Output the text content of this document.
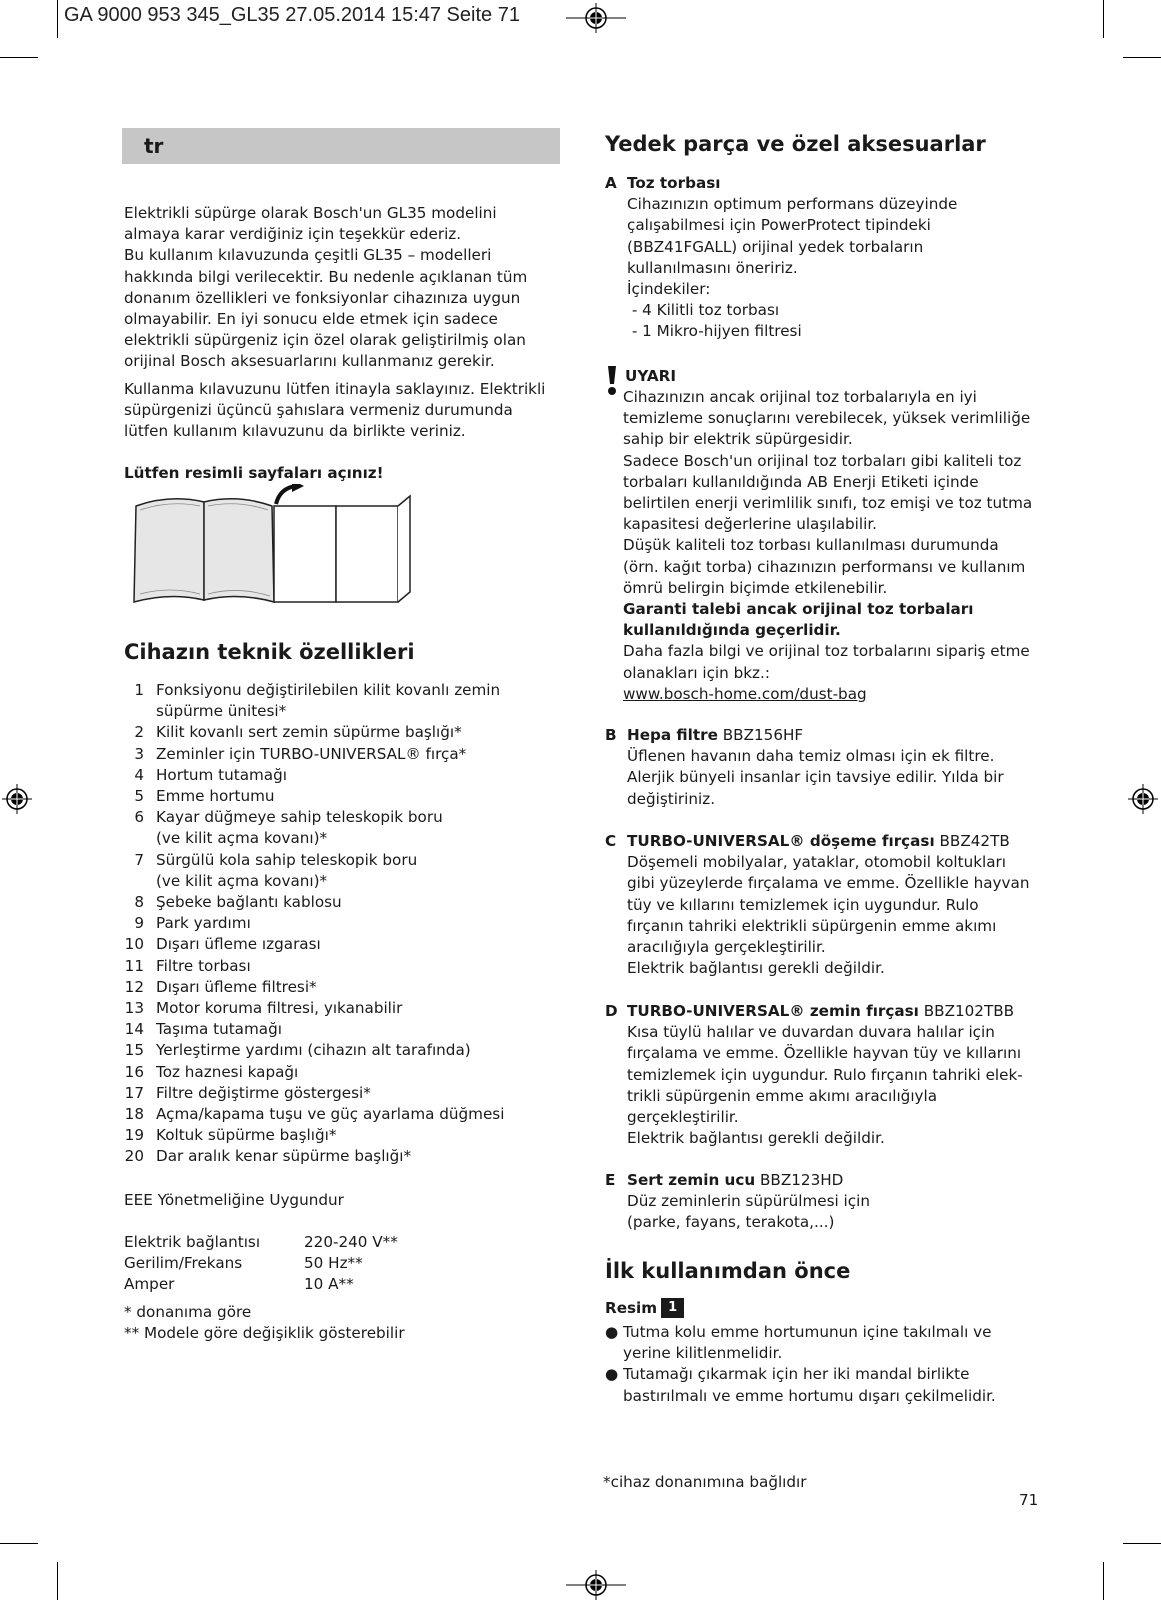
GA 9000 953 345_GL35 27.05.2014 15:47 Seite 71
tr
Elektrikli süpürge olarak Bosch'un GL35 modelini
almaya karar verdiğiniz için teşekkür ederiz.
Bu kullanım kılavuzunda çeşitli GL35 – modelleri
hakkında bilgi verilecektir. Bu nedenle açıklanan tüm
donanım özellikleri ve fonksiyonlar cihazınıza uygun
olmayabilir. En iyi sonucu elde etmek için sadece
elektrikli süpürgeniz için özel olarak geliştirilmiş olan
orijinal Bosch aksesuarlarını kullanmanız gerekir.
Kullanma kılavuzunu lütfen itinayla saklayınız. Elektrikli
süpürgenizi üçüncü şahıslara vermeniz durumunda
lütfen kullanım kılavuzunu da birlikte veriniz.
Lütfen resimli sayfaları açınız!
Cihazın teknik özellikleri
1 Fonksiyonu değiştirilebilen kilit kovanlı zemin
süpürme ünitesi*
2 Kilit kovanlı sert zemin süpürme başlığı*
3 Zeminler için TURBO-UNIVERSAL® fırça*
4 Hortum tutamağı
5 Emme hortumu
6 Kayar düğmeye sahip teleskopik boru
(ve kilit açma kovanı)*
7 Sürgülü kola sahip teleskopik boru
(ve kilit açma kovanı)*
8 Şebeke bağlantı kablosu
9 Park yardımı
10 Dışarı üfleme ızgarası
11 Filtre torbası
12 Dışarı üfleme filtresi*
13 Motor koruma filtresi, yıkanabilir
14 Taşıma tutamağı
15 Yerleştirme yardımı (cihazın alt tarafında)
16 Toz haznesi kapağı
17 Filtre değiştirme göstergesi*
18 Açma/kapama tuşu ve güç ayarlama düğmesi
19 Koltuk süpürme başlığı*
20 Dar aralık kenar süpürme başlığı*
EEE Yönetmeliğine Uygundur
Elektrik bağlantısı	220-240 V**
Gerilim/Frekans	50 Hz**
Amper	10 A**
* donanıma göre
** Modele göre değişiklik gösterebilir
Yedek parça ve özel aksesuarlar
A Toz torbası
Cihazınızın optimum performans düzeyinde
çalışabilmesi için PowerProtect tipindeki
(BBZ41FGALL) orijinal yedek torbaların
kullanılmasını öneririz.
İçindekiler:
- 4 Kilitli toz torbası
- 1 Mikro-hijyen filtresi
UYARI
Cihazınızın ancak orijinal toz torbalarıyla en iyi
temizleme sonuçlarını verebilecek, yüksek verimliliğe
sahip bir elektrik süpürgesidir.
Sadece Bosch'un orijinal toz torbaları gibi kaliteli toz
torbaları kullanıldığında AB Enerji Etiketi içinde
belirtilen enerji verimlilik sınıfı, toz emişi ve toz tutma
kapasitesi değerlerine ulaşılabilir.
Düşük kaliteli toz torbası kullanılması durumunda
(örn. kağıt torba) cihazınızın performansı ve kullanım
ömrü belirgin biçimde etkilenebilir.
Garanti talebi ancak orijinal toz torbaları
kullanıldığında geçerlidir.
Daha fazla bilgi ve orijinal toz torbalarını sipariş etme
olanakları için bkz.:
www.bosch-home.com/dust-bag
B Hepa filtre BBZ156HF
Üflenen havanın daha temiz olması için ek filtre.
Alerjik bünyeli insanlar için tavsiye edilir. Yılda bir
değiştiriniz.
C TURBO-UNIVERSAL® döşeme fırçası BBZ42TB
Döşemeli mobilyalar, yataklar, otomobil koltukları
gibi yüzeylerde fırçalama ve emme. Özellikle hayvan
tüy ve kıllarını temizlemek için uygundur. Rulo
fırçanın tahriki elektrikli süpürgenin emme akımı
aracılığıyla gerçekleştirilir.
Elektrik bağlantısı gerekli değildir.
D TURBO-UNIVERSAL® zemin fırçası BBZ102TBB
Kısa tüylü halılar ve duvardan duvara halılar için
fırçalama ve emme. Özellikle hayvan tüy ve kıllarını
temizlemek için uygundur. Rulo fırçanın tahriki elek-
trikli süpürgenin emme akımı aracılığıyla
gerçekleştirilir.
Elektrik bağlantısı gerekli değildir.
E Sert zemin ucu BBZ123HD
Düz zeminlerin süpürülmesi için
(parke, fayans, terakota,...)
İlk kullanımdan önce
Resim 1
● Tutma kolu emme hortumunun içine takılmalı ve
yerine kilitlenmelidir.
● Tutamağı çıkarmak için her iki mandal birlikte
bastırılmalı ve emme hortumu dışarı çekilmelidir.
*cihaz donanımına bağlıdır
71
